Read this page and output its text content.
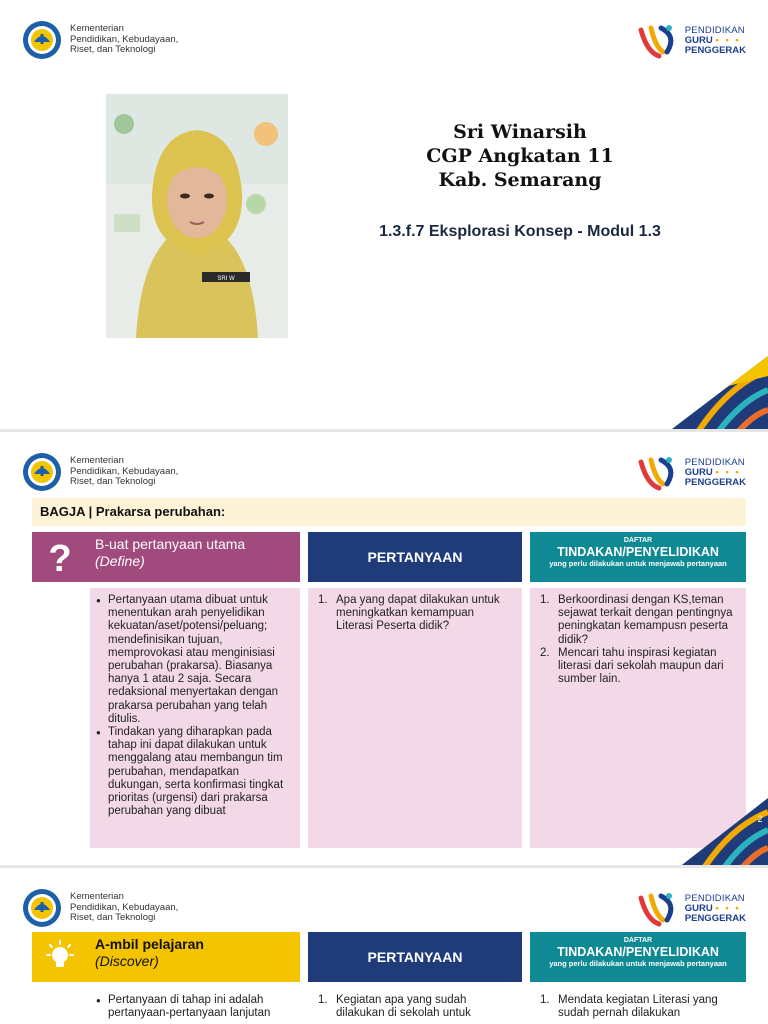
Kementerian
Pendidikan, Kebudayaan,
Riset, dan Teknologi
PENDIDIKAN
GURU • • •
PENGGERAK
SRI W
Sri Winarsih
CGP Angkatan 11
Kab. Semarang
1.3.f.7 Eksplorasi Konsep - Modul 1.3
Kementerian
Pendidikan, Kebudayaan,
Riset, dan Teknologi
PENDIDIKAN
GURU • • •
PENGGERAK
BAGJA | Prakarsa perubahan:
? B-uat pertanyaan utama
(Define)	PERTANYAAN
DAFTAR
TINDAKAN/PENYELIDIKAN
yang perlu dilakukan untuk menjawab pertanyaan
● Pertanyaan utama dibuat untuk menentukan arah penyelidikan kekuatan/aset/potensi/peluang; mendefinisikan tujuan, memprovokasi atau menginisiasi perubahan (prakarsa). Biasanya hanya 1 atau 2 saja. Secara redaksional menyertakan dengan prakarsa perubahan yang telah ditulis.
● Tindakan yang diharapkan pada tahap ini dapat dilakukan untuk menggalang atau membangun tim perubahan, mendapatkan dukungan, serta konfirmasi tingkat prioritas (urgensi) dari prakarsa perubahan yang dibuat
1. Apa yang dapat dilakukan untuk meningkatkan kemampuan Literasi Peserta didik?
1. Berkoordinasi dengan KS,teman sejawat terkait dengan pentingnya peningkatan kemampusn peserta didik?
2. Mencari tahu inspirasi kegiatan literasi dari sekolah maupun dari sumber lain.
2
Kementerian
Pendidikan, Kebudayaan,
Riset, dan Teknologi
PENDIDIKAN
GURU • • •
PENGGERAK
A-mbil pelajaran
(Discover)	PERTANYAAN
DAFTAR
TINDAKAN/PENYELIDIKAN
yang perlu dilakukan untuk menjawab pertanyaan
● Pertanyaan di tahap ini adalah pertanyaan-pertanyaan lanjutan
1. Kegiatan apa yang sudah dilakukan di sekolah untuk
1. Mendata kegiatan Literasi yang sudah pernah dilakukan
